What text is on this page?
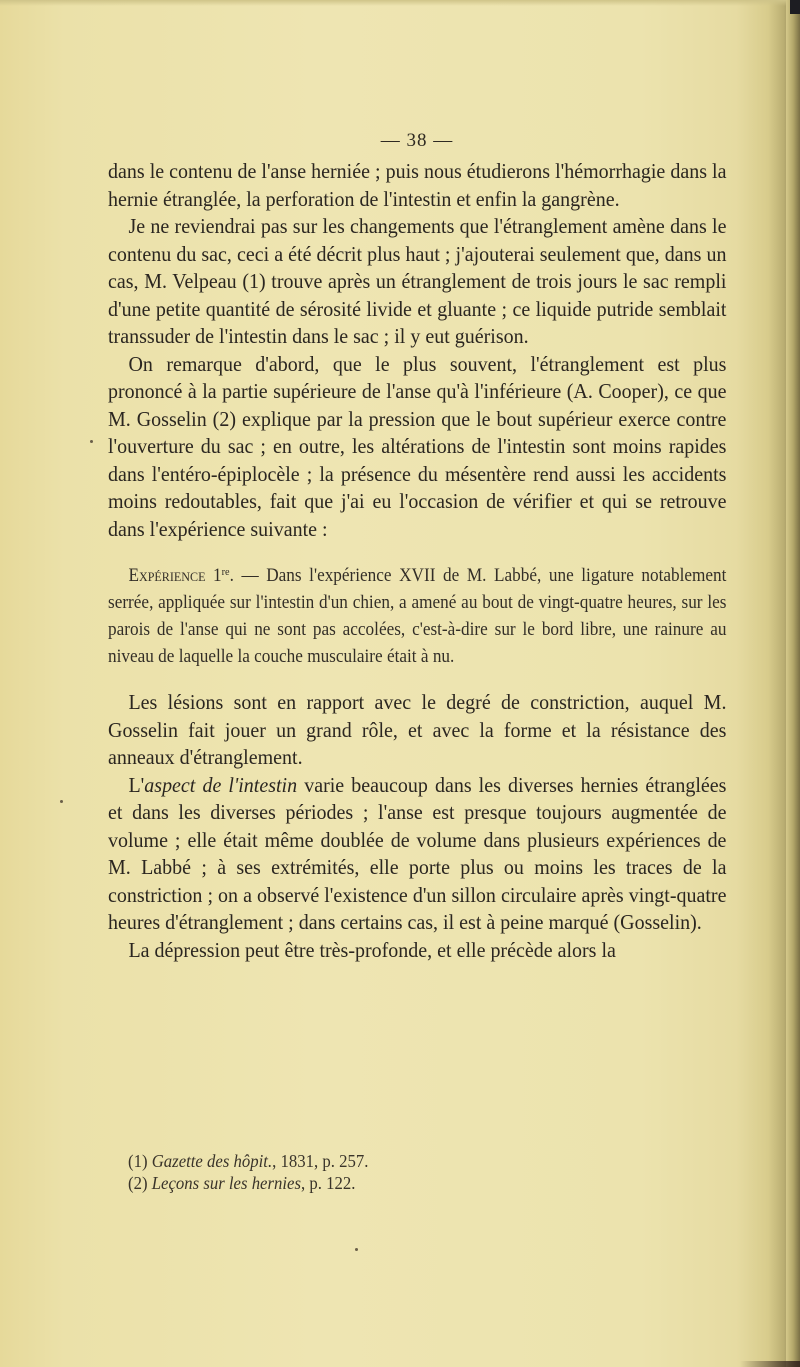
— 38 —

dans le contenu de l'anse herniée ; puis nous étudierons l'hémorrhagie dans la hernie étranglée, la perforation de l'intestin et enfin la gangrène.

Je ne reviendrai pas sur les changements que l'étranglement amène dans le contenu du sac, ceci a été décrit plus haut ; j'ajouterai seulement que, dans un cas, M. Velpeau (1) trouve après un étranglement de trois jours le sac rempli d'une petite quantité de sérosité livide et gluante ; ce liquide putride semblait transsuder de l'intestin dans le sac ; il y eut guérison.

On remarque d'abord, que le plus souvent, l'étranglement est plus prononcé à la partie supérieure de l'anse qu'à l'inférieure (A. Cooper), ce que M. Gosselin (2) explique par la pression que le bout supérieur exerce contre l'ouverture du sac ; en outre, les altérations de l'intestin sont moins rapides dans l'entéro-épiplocèle ; la présence du mésentère rend aussi les accidents moins redoutables, fait que j'ai eu l'occasion de vérifier et qui se retrouve dans l'expérience suivante :

Expérience 1re. — Dans l'expérience XVII de M. Labbé, une ligature notablement serrée, appliquée sur l'intestin d'un chien, a amené au bout de vingt-quatre heures, sur les parois de l'anse qui ne sont pas accolées, c'est-à-dire sur le bord libre, une rainure au niveau de laquelle la couche musculaire était à nu.

Les lésions sont en rapport avec le degré de constriction, auquel M. Gosselin fait jouer un grand rôle, et avec la forme et la résistance des anneaux d'étranglement.

L'aspect de l'intestin varie beaucoup dans les diverses hernies étranglées et dans les diverses périodes ; l'anse est presque toujours augmentée de volume ; elle était même doublée de volume dans plusieurs expériences de M. Labbé ; à ses extrémités, elle porte plus ou moins les traces de la constriction ; on a observé l'existence d'un sillon circulaire après vingt-quatre heures d'étranglement ; dans certains cas, il est à peine marqué (Gosselin).

La dépression peut être très-profonde, et elle précède alors la

(1) Gazette des hôpit., 1831, p. 257.
(2) Leçons sur les hernies, p. 122.
